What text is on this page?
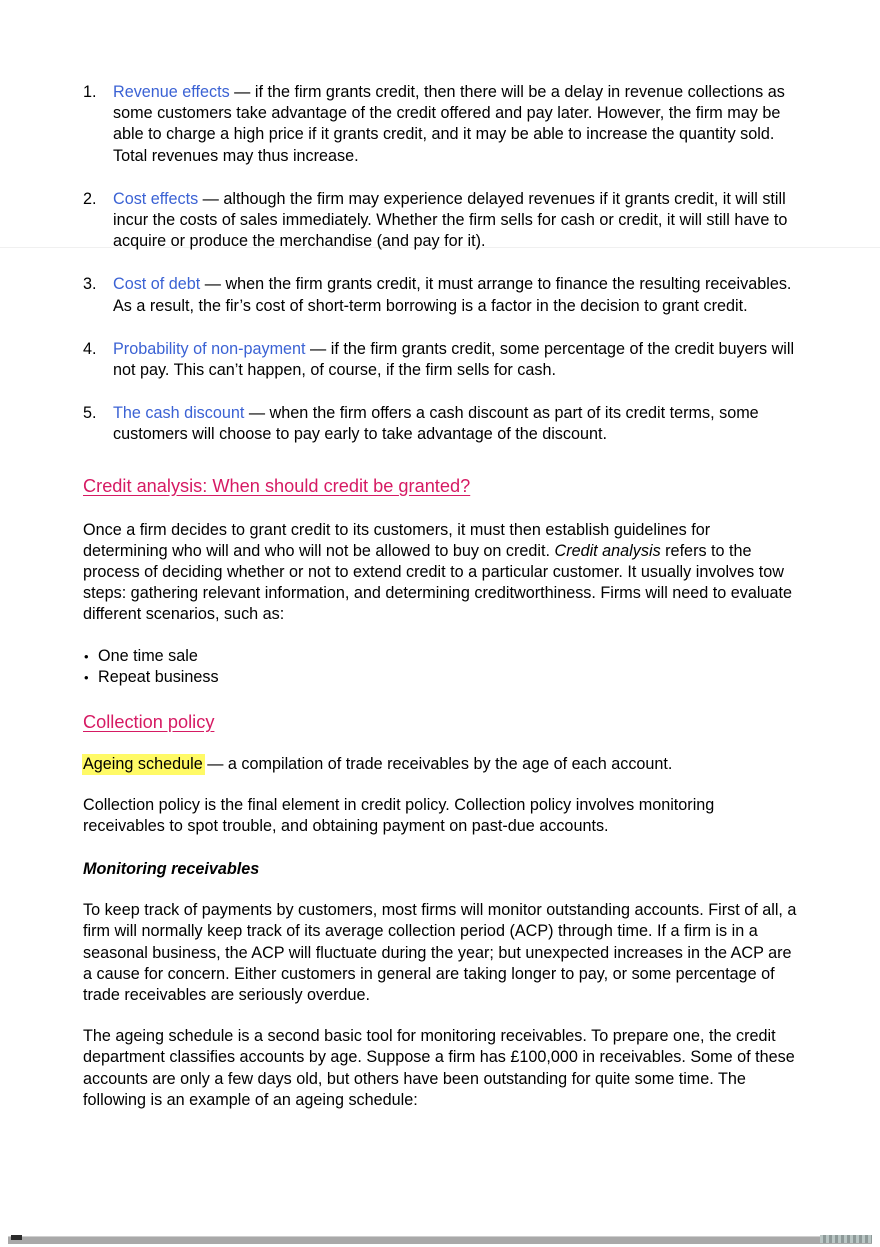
1.	Revenue effects — if the firm grants credit, then there will be a delay in revenue collections as some customers take advantage of the credit offered and pay later. However, the firm may be able to charge a high price if it grants credit, and it may be able to increase the quantity sold. Total revenues may thus increase.
2.	Cost effects — although the firm may experience delayed revenues if it grants credit, it will still incur the costs of sales immediately. Whether the firm sells for cash or credit, it will still have to acquire or produce the merchandise (and pay for it).
3.	Cost of debt — when the firm grants credit, it must arrange to finance the resulting receivables. As a result, the fir’s cost of short-term borrowing is a factor in the decision to grant credit.
4.	Probability of non-payment — if the firm grants credit, some percentage of the credit buyers will not pay. This can’t happen, of course, if the firm sells for cash.
5.	The cash discount — when the firm offers a cash discount as part of its credit terms, some customers will choose to pay early to take advantage of the discount.
Credit analysis: When should credit be granted?

Once a firm decides to grant credit to its customers, it must then establish guidelines for determining who will and who will not be allowed to buy on credit. Credit analysis refers to the process of deciding whether or not to extend credit to a particular customer. It usually involves tow steps: gathering relevant information, and determining creditworthiness. Firms will need to evaluate different scenarios, such as:

• One time sale
• Repeat business
Collection policy

Ageing schedule — a compilation of trade receivables by the age of each account.

Collection policy is the final element in credit policy. Collection policy involves monitoring receivables to spot trouble, and obtaining payment on past-due accounts.

Monitoring receivables

To keep track of payments by customers, most firms will monitor outstanding accounts. First of all, a firm will normally keep track of its average collection period (ACP) through time. If a firm is in a seasonal business, the ACP will fluctuate during the year; but unexpected increases in the ACP are a cause for concern. Either customers in general are taking longer to pay, or some percentage of trade receivables are seriously overdue.

The ageing schedule is a second basic tool for monitoring receivables. To prepare one, the credit department classifies accounts by age. Suppose a firm has £100,000 in receivables. Some of these accounts are only a few days old, but others have been outstanding for quite some time. The following is an example of an ageing schedule:
